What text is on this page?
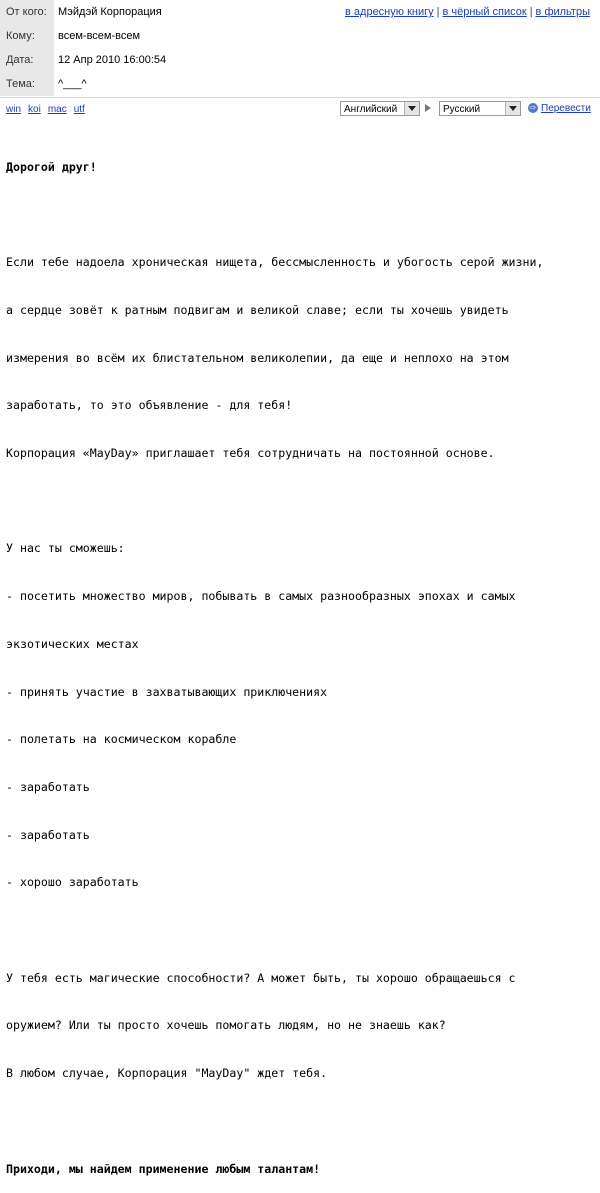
От кого:	Мэйдэй Корпорация	в адресную книгу | в чёрный список | в фильтры
Кому:	всем-всем-всем
Дата:	12 Апр 2010 16:00:54
Тема:	^___^
win koi mac utf	Английский	Русский	⇨ Перевести

Дорогой друг!

Если тебе надоела хроническая нищета, бессмысленность и убогость серой жизни,

а сердце зовёт к ратным подвигам и великой славе; если ты хочешь увидеть

измерения во всём их блистательном великолепии, да еще и неплохо на этом

заработать, то это объявление - для тебя!

Корпорация «MayDay» приглашает тебя сотрудничать на постоянной основе.

У нас ты сможешь:

- посетить множество миров, побывать в самых разнообразных эпохах и самых

экзотических местах

- принять участие в захватывающих приключениях

- полетать на космическом корабле

- заработать

- заработать

- хорошо заработать

У тебя есть магические способности? А может быть, ты хорошо обращаешься с

оружием? Или ты просто хочешь помогать людям, но не знаешь как?

В любом случае, Корпорация "MayDay" ждет тебя.

Приходи, мы найдем применение любым талантам!
